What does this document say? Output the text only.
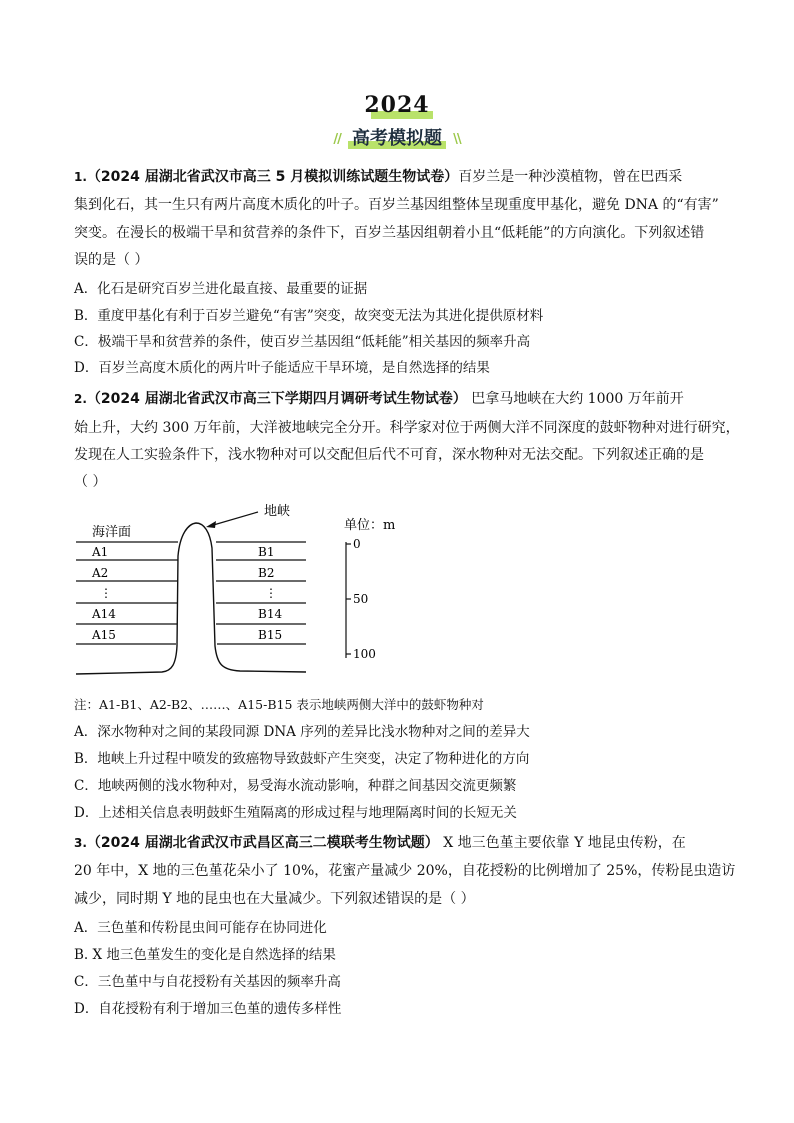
2024
// 高考模拟题 \\
1.（2024 届湖北省武汉市高三 5 月模拟训练试题生物试卷）百岁兰是一种沙漠植物，曾在巴西采
集到化石，其一生只有两片高度木质化的叶子。百岁兰基因组整体呈现重度甲基化，避免 DNA 的“有害”
突变。在漫长的极端干旱和贫营养的条件下，百岁兰基因组朝着小且“低耗能”的方向演化。下列叙述错
误的是（ ）
A．化石是研究百岁兰进化最直接、最重要的证据
B．重度甲基化有利于百岁兰避免“有害”突变，故突变无法为其进化提供原材料
C．极端干旱和贫营养的条件，使百岁兰基因组“低耗能”相关基因的频率升高
D．百岁兰高度木质化的两片叶子能适应干旱环境，是自然选择的结果
2.（2024 届湖北省武汉市高三下学期四月调研考试生物试卷） 巴拿马地峡在大约 1000 万年前开
始上升，大约 300 万年前，大洋被地峡完全分开。科学家对位于两侧大洋不同深度的鼓虾物种对进行研究，
发现在人工实验条件下，浅水物种对可以交配但后代不可育，深水物种对无法交配。下列叙述正确的是
（ ）
地峡
海洋面
A1
A2
⋮
A14
A15
B1
B2
⋮
B14
B15
单位：m
0
50
100
注：A1-B1、A2-B2、……、A15-B15 表示地峡两侧大洋中的鼓虾物种对
A．深水物种对之间的某段同源 DNA 序列的差异比浅水物种对之间的差异大
B．地峡上升过程中喷发的致癌物导致鼓虾产生突变，决定了物种进化的方向
C．地峡两侧的浅水物种对，易受海水流动影响，种群之间基因交流更频繁
D．上述相关信息表明鼓虾生殖隔离的形成过程与地理隔离时间的长短无关
3.（2024 届湖北省武汉市武昌区高三二模联考生物试题） X 地三色堇主要依靠 Y 地昆虫传粉，在
20 年中，X 地的三色堇花朵小了 10%，花蜜产量减少 20%，自花授粉的比例增加了 25%，传粉昆虫造访
减少，同时期 Y 地的昆虫也在大量减少。下列叙述错误的是（ ）
A．三色堇和传粉昆虫间可能存在协同进化
B. X 地三色堇发生的变化是自然选择的结果
C．三色堇中与自花授粉有关基因的频率升高
D．自花授粉有利于增加三色堇的遗传多样性
